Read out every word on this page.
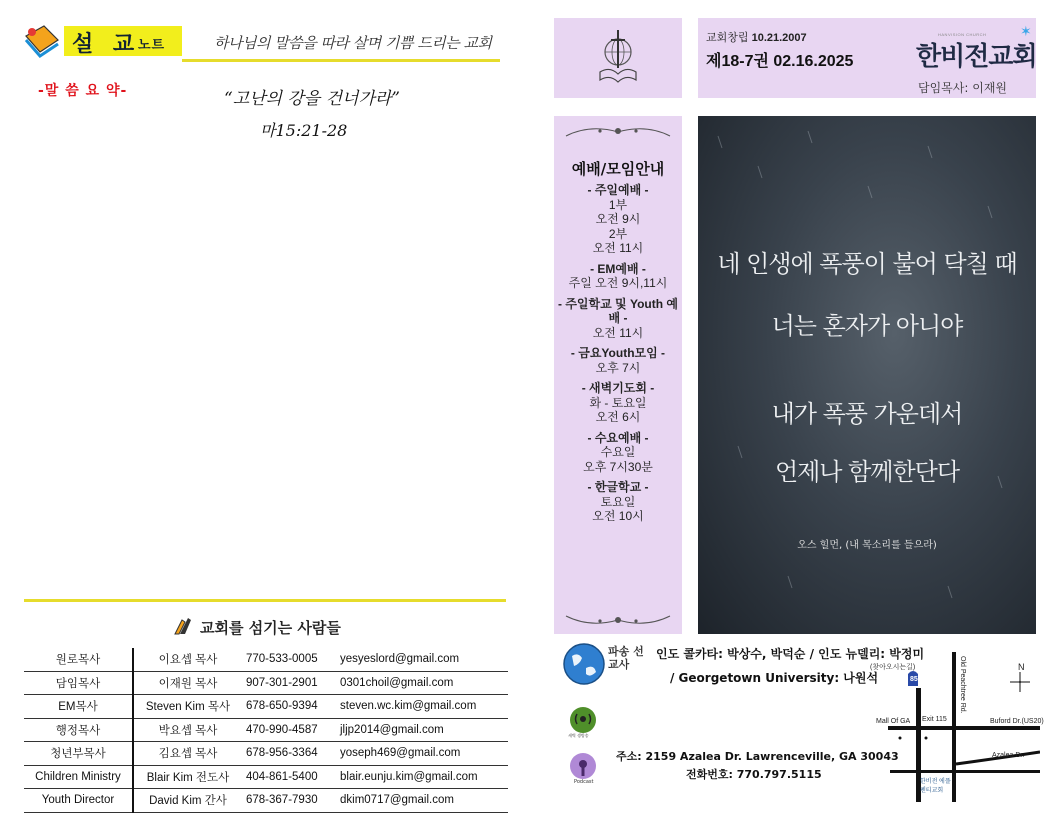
설 교
노트	하나님의 말씀을 따라 살며 기쁨 드리는 교회
-말 씀 요 약-	“고난의 강을 건너가라”
마15:21-28
교회를 섬기는 사람들
원로목사	이요셉 목사	770-533-0005	yesyeslord@gmail.com
담임목사	이재원 목사	907-301-2901	0301choil@gmail.com
EM목사	Steven Kim 목사	678-650-9394	steven.wc.kim@gmail.com
행정목사	박요셉 목사	470-990-4587	jljp2014@gmail.com
청년부목사	김요셉 목사	678-956-3364	yoseph469@gmail.com
Children Ministry	Blair Kim 전도사	404-861-5400	blair.eunju.kim@gmail.com
Youth Director	David Kim 간사	678-367-7930	dkim0717@gmail.com
교회창립 10.21.2007
제18-7권 02.16.2025
HANVISION CHURCH
한비전교회
✶
담임목사: 이재원
예배/모임안내
- 주일예배 -
1부
오전 9시
2부
오전 11시
- EM예배 -
주일 오전 9시,11시
- 주일학교 및 Youth 예배 -
오전 11시
- 금요Youth모임 -
오후 7시
- 새벽기도회 -
화 - 토요일
오전 6시
- 수요예배 -
수요일
오후 7시30분
- 한글학교 -
토요일
오전 10시
네 인생에 폭풍이 불어 닥칠 때
너는 혼자가 아니야
내가 폭풍 가운데서
언제나 함께한단다
오스 힐먼, (내 목소리를 들으라)
파송 선교사
인도 콜카타: 박상수, 박덕순 / 인도 뉴델리: 박정미
/ Georgetown University: 나원석
새벽 생방송
Podcast
주소: 2159 Azalea Dr. Lawrenceville, GA 30043
전화번호: 770.797.5115
(찾아오시는길)	Old Peachtree Rd.	N
85
Mall Of GA Exit 115	Buford Dr.(US20)
Azalea Dr.
한비전 에플펜티교회
